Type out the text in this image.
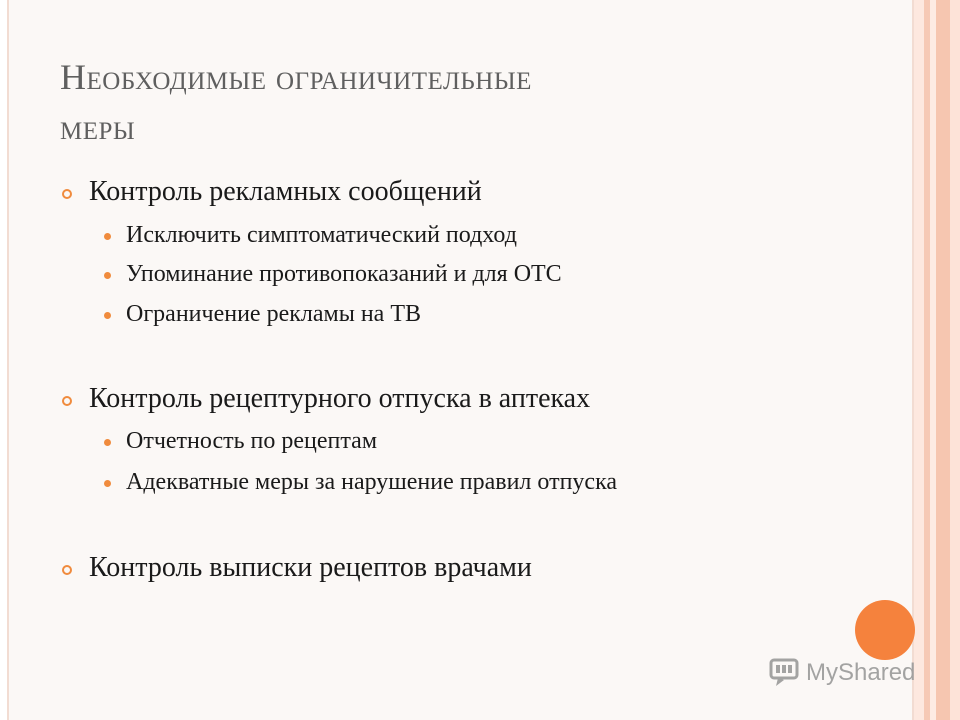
Необходимые ограничительные
меры
Контроль рекламных сообщений
Исключить симптоматический подход
Упоминание противопоказаний и для ОТС
Ограничение рекламы на ТВ
Контроль рецептурного отпуска в аптеках
Отчетность по рецептам
Адекватные меры за нарушение правил отпуска
Контроль выписки рецептов врачами
MyShared
